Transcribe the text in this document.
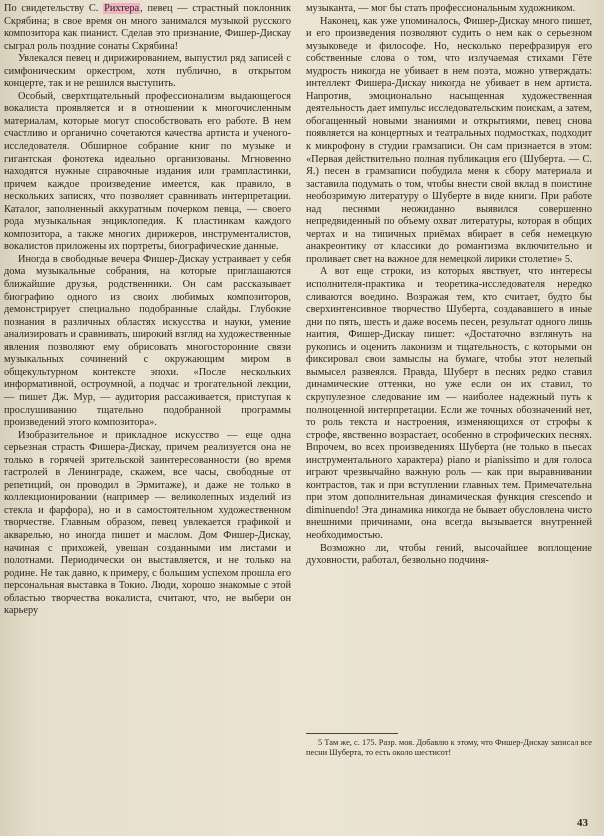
По свидетельству С. Рихтера, певец — страстный поклонник Скрябина; в свое время он много занимался музыкой русского композитора как пианист. Сделав это признание, Фишер-Дискау сыграл роль поздние сонаты Скрябина!

Увлекался певец и дирижированием, выпустил ряд записей с симфоническим оркестром, хотя публично, в открытом концерте, так и не решился выступить.

Особый, сверхтщательный профессионализм выдающегося вокалиста проявляется и в отношении к многочисленным материалам, которые могут способствовать его работе. В нем счастливо и органично сочетаются качества артиста и ученого-исследователя. Обширное собрание книг по музыке и гигантская фонотека идеально организованы. Мгновенно находятся нужные справочные издания или грампластинки, причем каждое произведение имеется, как правило, в нескольких записях, что позволяет сравнивать интерпретации. Каталог, заполненный аккуратным почерком певца, — своего рода музыкальная энциклопедия. К пластинкам каждого композитора, а также многих дирижеров, инструменталистов, вокалистов приложены их портреты, биографические данные.

Иногда в свободные вечера Фишер-Дискау устраивает у себя дома музыкальные собрания, на которые приглашаются ближайшие друзья, родственники. Он сам рассказывает биографию одного из своих любимых композиторов, демонстрирует специально подобранные слайды. Глубокие познания в различных областях искусства и науки, умение анализировать и сравнивать, широкий взгляд на художественные явления позволяют ему обрисовать многосторонние связи музыкальных сочинений с окружающим миром в общекультурном контексте эпохи. «После нескольких информативной, остроумной, а подчас и трогательной лекции, — пишет Дж. Мур, — аудитория рассаживается, приступая к прослушиванию тщательно подобранной программы произведений этого композитора».

Изобразительное и прикладное искусство — еще одна серьезная страсть Фишера-Дискау, причем реализуется она не только в горячей зрительской заинтересованности (во время гастролей в Ленинграде, скажем, все часы, свободные от репетиций, он проводил в Эрмитаже), и даже не только в коллекционировании (например — великолепных изделий из стекла и фарфора), но и в самостоятельном художественном творчестве. Главным образом, певец увлекается графикой и акварелью, но иногда пишет и маслом. Дом Фишер-Дискау, начиная с прихожей, увешан созданными им листами и полотнами. Периодически он выставляется, и не только на родине. Не так давно, к примеру, с большим успехом прошла его персональная выставка в Токио. Люди, хорошо знакомые с этой областью творчества вокалиста, считают, что, не выбери он карьеру

музыканта, — мог бы стать профессиональным художником.

Наконец, как уже упоминалось, Фишер-Дискау много пишет, и его произведения позволяют судить о нем как о серьезном музыковеде и философе. Но, несколько перефразируя его собственные слова о том, что излучаемая стихами Гёте мудрость никогда не убивает в нем поэта, можно утверждать: интеллект Фишера-Дискау никогда не убивает в нем артиста. Напротив, эмоционально насыщенная художественная деятельность дает импульс исследовательским поискам, а затем, обогащенный новыми знаниями и открытиями, певец снова появляется на концертных и театральных подмостках, подходит к микрофону в студии грамзаписи. Он сам признается в этом: «Первая действительно полная публикация его (Шуберта. — С. Я.) песен в грамзаписи побудила меня к сбору материала и заставила подумать о том, чтобы внести свой вклад в поистине необозримую литературу о Шуберте в виде книги. При работе над песнями неожиданно выявился совершенно непредвиденный по объему охват литературы, которая в общих чертах и на типичных приёмах вбирает в себя немецкую анакреонтику от классики до романтизма включительно и проливает свет на важное для немецкой лирики столетие» 5.

А вот еще строки, из которых явствует, что интересы исполнителя-практика и теоретика-исследователя нередко сливаются воедино. Возражая тем, кто считает, будто бы сверхинтенсивное творчество Шуберта, создававшего в иные дни по пять, шесть и даже восемь песен, результат одного лишь наития, Фишер-Дискау пишет: «Достаточно взглянуть на рукопись и оценить лаконизм и тщательность, с которыми он фиксировал свои замыслы на бумаге, чтобы этот нелепый вымысел развеялся. Правда, Шуберт в песнях редко ставил динамические оттенки, но уже если он их ставил, то скрупулезное следование им — наиболее надежный путь к полноценной интерпретации. Если же точных обозначений нет, то роль текста и настроения, изменяющихся от строфы к строфе, явственно возрастает, особенно в строфических песнях. Впрочем, во всех произведениях Шуберта (не только в пьесах инструментального характера) piano и pianissimo и для голоса играют чрезвычайно важную роль — как при выравнивании контрастов, так и при вступлении главных тем. Примечательна при этом дополнительная динамическая функция crescendo и diminuendo! Эта динамика никогда не бывает обусловлена чисто внешними причинами, она всегда вызывается внутренней необходимостью.

Возможно ли, чтобы гений, высочайшее воплощение духовности, работал, безвольно подчиня-

5 Там же, с. 175. Разр. моя. Добавлю к этому, что Фишер-Дискау записал все песни Шуберта, то есть около шестисот!

43
